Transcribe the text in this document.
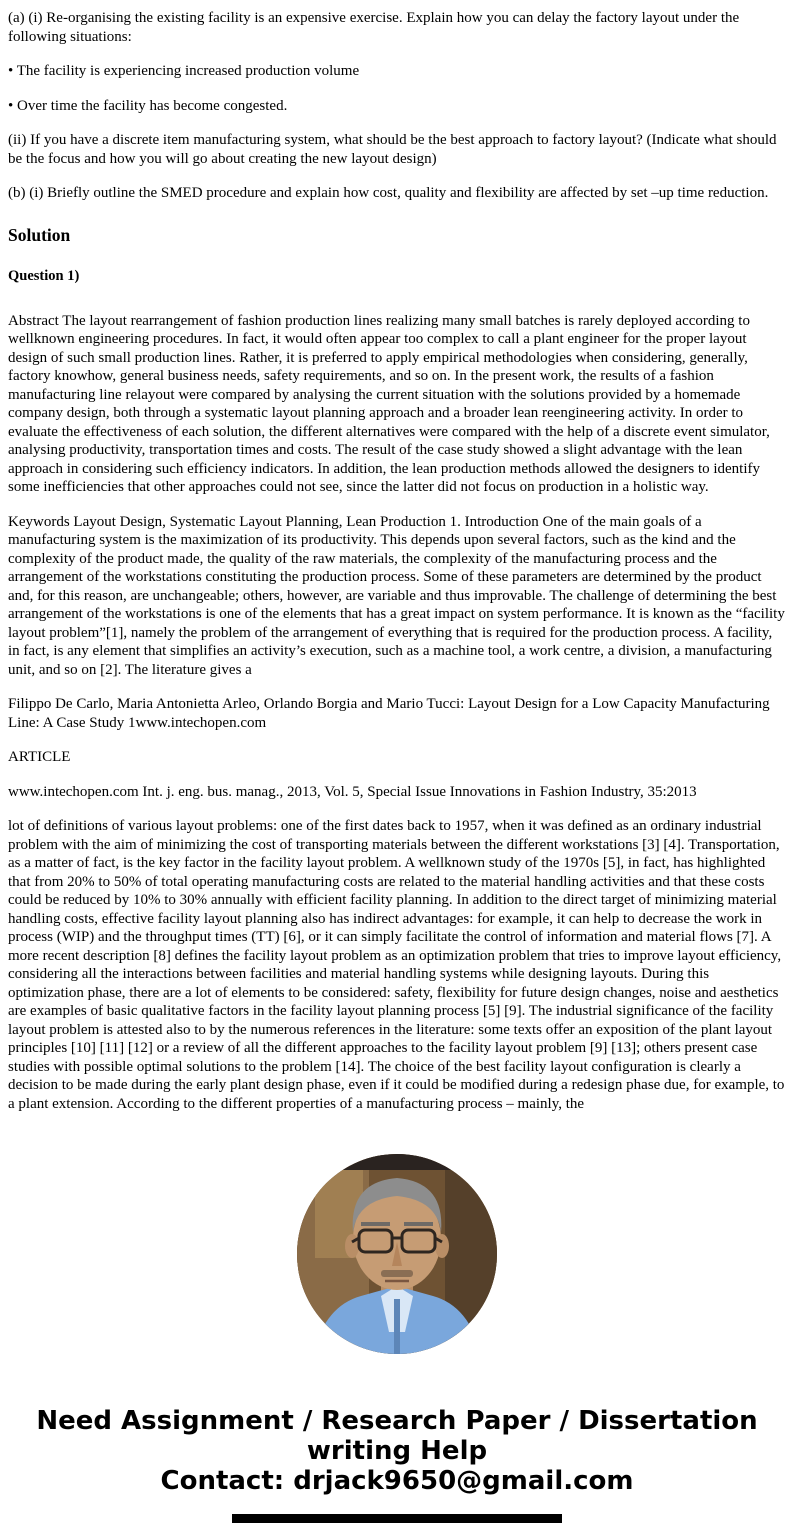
(a) (i) Re-organising the existing facility is an expensive exercise. Explain how you can delay the factory layout under the following situations:

• The facility is experiencing increased production volume

• Over time the facility has become congested.

(ii) If you have a discrete item manufacturing system, what should be the best approach to factory layout? (Indicate what should be the focus and how you will go about creating the new layout design)

(b) (i) Briefly outline the SMED procedure and explain how cost, quality and flexibility are affected by set –up time reduction.

Solution
Question 1)

Abstract The layout rearrangement of fashion production lines realizing many small batches is rarely deployed according to wellknown engineering procedures. In fact, it would often appear too complex to call a plant engineer for the proper layout design of such small production lines. Rather, it is preferred to apply empirical methodologies when considering, generally, factory knowhow, general business needs, safety requirements, and so on. In the present work, the results of a fashion manufacturing line relayout were compared by analysing the current situation with the solutions provided by a homemade company design, both through a systematic layout planning approach and a broader lean reengineering activity. In order to evaluate the effectiveness of each solution, the different alternatives were compared with the help of a discrete event simulator, analysing productivity, transportation times and costs. The result of the case study showed a slight advantage with the lean approach in considering such efficiency indicators. In addition, the lean production methods allowed the designers to identify some inefficiencies that other approaches could not see, since the latter did not focus on production in a holistic way.

Keywords Layout Design, Systematic Layout Planning, Lean Production 1. Introduction One of the main goals of a manufacturing system is the maximization of its productivity. This depends upon several factors, such as the kind and the complexity of the product made, the quality of the raw materials, the complexity of the manufacturing process and the arrangement of the workstations constituting the production process. Some of these parameters are determined by the product and, for this reason, are unchangeable; others, however, are variable and thus improvable. The challenge of determining the best arrangement of the workstations is one of the elements that has a great impact on system performance. It is known as the “facility layout problem”[1], namely the problem of the arrangement of everything that is required for the production process. A facility, in fact, is any element that simplifies an activity’s execution, such as a machine tool, a work centre, a division, a manufacturing unit, and so on [2]. The literature gives a

Filippo De Carlo, Maria Antonietta Arleo, Orlando Borgia and Mario Tucci: Layout Design for a Low Capacity Manufacturing Line: A Case Study 1www.intechopen.com

ARTICLE

www.intechopen.com Int. j. eng. bus. manag., 2013, Vol. 5, Special Issue Innovations in Fashion Industry, 35:2013

lot of definitions of various layout problems: one of the first dates back to 1957, when it was defined as an ordinary industrial problem with the aim of minimizing the cost of transporting materials between the different workstations [3] [4]. Transportation, as a matter of fact, is the key factor in the facility layout problem. A wellknown study of the 1970s [5], in fact, has highlighted that from 20% to 50% of total operating manufacturing costs are related to the material handling activities and that these costs could be reduced by 10% to 30% annually with efficient facility planning. In addition to the direct target of minimizing material handling costs, effective facility layout planning also has indirect advantages: for example, it can help to decrease the work in process (WIP) and the throughput times (TT) [6], or it can simply facilitate the control of information and material flows [7]. A more recent description [8] defines the facility layout problem as an optimization problem that tries to improve layout efficiency, considering all the interactions between facilities and material handling systems while designing layouts. During this optimization phase, there are a lot of elements to be considered: safety, flexibility for future design changes, noise and aesthetics are examples of basic qualitative factors in the facility layout planning process [5] [9]. The industrial significance of the facility layout problem is attested also to by the numerous references in the literature: some texts offer an exposition of the plant layout principles [10] [11] [12] or a review of all the different approaches to the facility layout problem [9] [13]; others present case studies with possible optimal solutions to the problem [14]. The choice of the best facility layout configuration is clearly a decision to be made during the early plant design phase, even if it could be modified during a redesign phase due, for example, to a plant extension. According to the different properties of a manufacturing process – mainly, the

Need Assignment / Research Paper / Dissertation writing Help
Contact: drjack9650@gmail.com
